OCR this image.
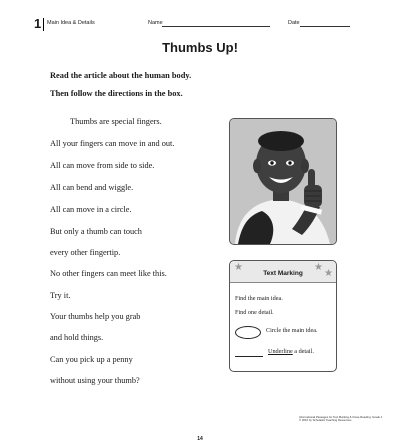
1 Main Idea & Details	Name	Date
Thumbs Up!
Read the article about the human body.
Then follow the directions in the box.
Thumbs are special fingers.
All your fingers can move in and out.
All can move from side to side.
All can bend and wiggle.
All can move in a circle.
But only a thumb can touch
every other fingertip.
No other fingers can meet like this.
Try it.
Your thumbs help you grab
and hold things.
Can you pick up a penny
without using your thumb?
★	★
★
Text Marking
Find the main idea.
Find one detail.
Circle the main idea.
Underline a detail.
Informational Passages for Text Marking & Close Reading: Grade 1
© 2016 by Scholastic Teaching Resources
14
